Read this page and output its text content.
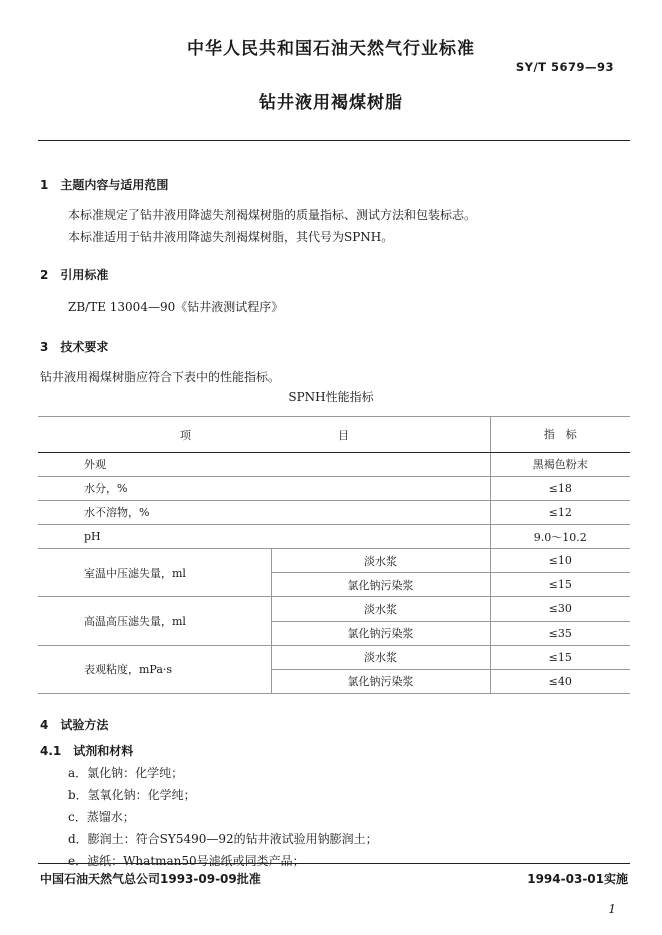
中华人民共和国石油天然气行业标准
SY/T 5679—93
钻井液用褐煤树脂
1　主题内容与适用范围
本标准规定了钻井液用降滤失剂褐煤树脂的质量指标、测试方法和包装标志。
本标准适用于钻井液用降滤失剂褐煤树脂，其代号为SPNH。
2　引用标准
ZB/TE 13004—90《钻井液测试程序》
3　技术要求
钻井液用褐煤树脂应符合下表中的性能指标。
SPNH性能指标
项 目		指　标
外观		黑褐色粉末
水分，%		≤18
水不溶物，%		≤12
pH		9.0～10.2
室温中压滤失量，ml	淡水浆	≤10
	氯化钠污染浆	≤15
高温高压滤失量，ml	淡水浆	≤30
	氯化钠污染浆	≤35
表观粘度，mPa·s	淡水浆	≤15
	氯化钠污染浆	≤40
4　试验方法
4.1　试剂和材料
a．氯化钠：化学纯；
b．氢氧化钠：化学纯；
c．蒸馏水；
d．膨润土：符合SY5490—92的钻井液试验用钠膨润土；
e．滤纸：Whatman50号滤纸或同类产品；
中国石油天然气总公司1993-09-09批准	1994-03-01实施
1
